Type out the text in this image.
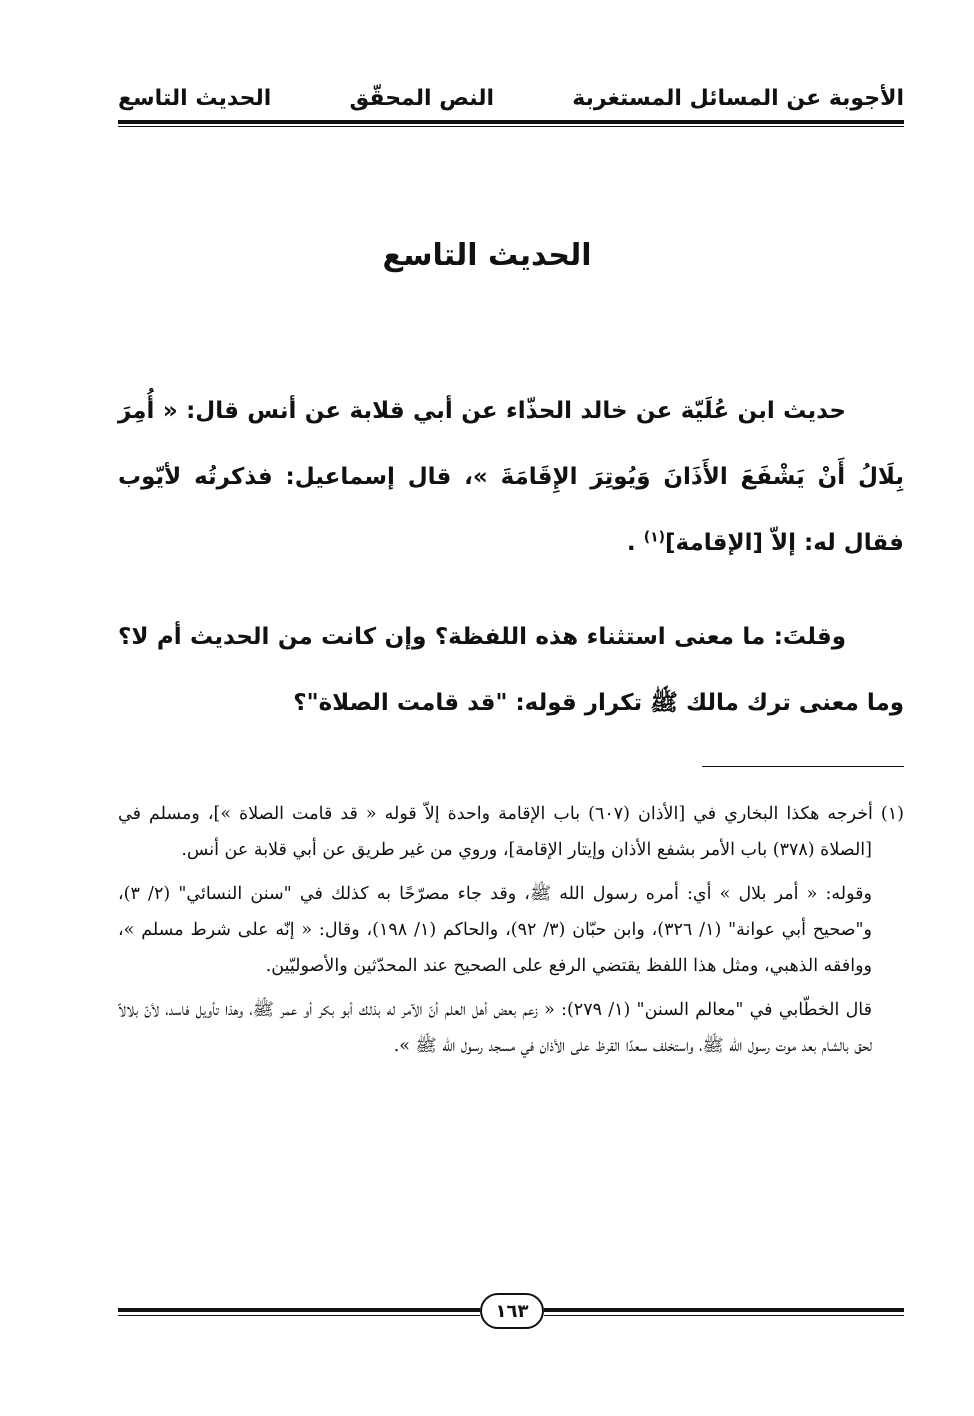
الأجوبة عن المسائل المستغربة
النص المحقّق
الحديث التاسع
الحديث التاسع

حديث ابن عُلَيّة عن خالد الحذّاء عن أبي قلابة عن أنس قال: « أُمِرَ بِلَالُ أَنْ يَشْفَعَ الأَذَانَ وَيُوتِرَ الإِقَامَةَ »، قال إسماعيل: فذكرتُه لأيّوب فقال له: إلاّ [الإقامة]$^{(١)}$ .

وقلتَ: ما معنى استثناء هذه اللفظة؟ وإن كانت من الحديث أم لا؟ وما معنى ترك مالك ﷺ تكرار قوله: "قد قامت الصلاة"؟

(١) أخرجه هكذا البخاري في [الأذان (٦٠٧) باب الإقامة واحدة إلاّ قوله « قد قامت الصلاة »]، ومسلم في [الصلاة (٣٧٨) باب الأمر بشفع الأذان وإيتار الإقامة]، وروي من غير طريق عن أبي قلابة عن أنس.

وقوله: « أمر بلال » أي: أمره رسول الله ﷺ، وقد جاء مصرّحًا به كذلك في "سنن النسائي" (٢/ ٣)، و"صحيح أبي عوانة" (١/ ٣٢٦)، وابن حبّان (٣/ ٩٢)، والحاكم (١/ ١٩٨)، وقال: « إنّه على شرط مسلم »، ووافقه الذهبي، ومثل هذا اللفظ يقتضي الرفع على الصحيح عند المحدّثين والأصوليّين.

قال الخطّابي في "معالم السنن" (١/ ٢٧٩): « زعم بعض أهل العلم أنّ الآمر له بذلك أبو بكر أو عمر ﷺ، وهذا تأويل فاسد، لأنّ بلالاً لحق بالشام بعد موت رسول الله ﷺ، واستخلف سعدًا القرظ على الأذان في مسجد رسول الله ﷺ ».

١٦٣
